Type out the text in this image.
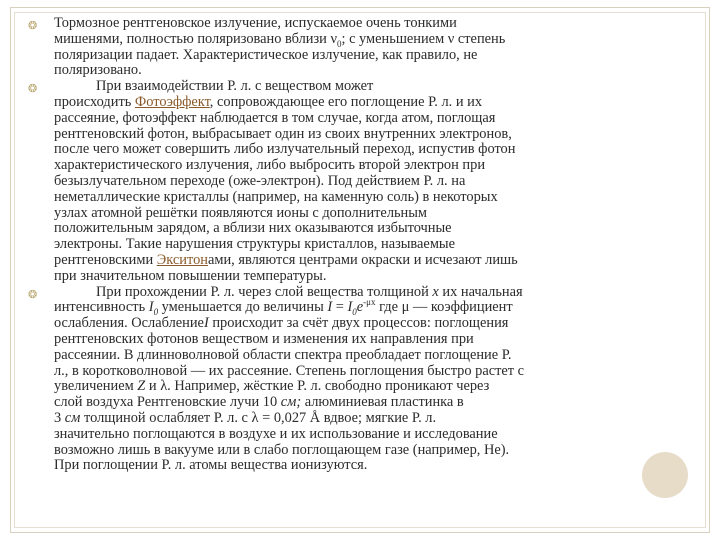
❂ Тормозное рентгеновское излучение, испускаемое очень тонкими
мишенями, полностью поляризовано вблизи $\nu_0$; с уменьшением ν степень
поляризации падает. Характеристическое излучение, как правило, не
поляризовано.
❂	При взаимодействии Р. л. с веществом может
происходить Фотоэффект, сопровождающее его поглощение Р. л. и их
рассеяние, фотоэффект наблюдается в том случае, когда атом, поглощая
рентгеновский фотон, выбрасывает один из своих внутренних электронов,
после чего может совершить либо излучательный переход, испустив фотон
характеристического излучения, либо выбросить второй электрон при
безызлучательном переходе (оже-электрон). Под действием Р. л. на
неметаллические кристаллы (например, на каменную соль) в некоторых
узлах атомной решётки появляются ионы с дополнительным
положительным зарядом, а вблизи них оказываются избыточные
электроны. Такие нарушения структуры кристаллов, называемые
рентгеновскими Экситонами, являются центрами окраски и исчезают лишь
при значительном повышении температуры.
❂	При прохождении Р. л. через слой вещества толщиной x их начальная
интенсивность $I_0$ уменьшается до величины $I = I_0e^{-\mu x}$ где μ — коэффициент
ослабления. ОслаблениеI происходит за счёт двух процессов: поглощения
рентгеновских фотонов веществом и изменения их направления при
рассеянии. В длинноволновой области спектра преобладает поглощение Р.
л., в коротковолновой — их рассеяние. Степень поглощения быстро растет с
увеличением Z и λ. Например, жёсткие Р. л. свободно проникают через
слой воздуха Рентгеновские лучи 10 см; алюминиевая пластинка в
3 см толщиной ослабляет Р. л. с λ = 0,027 Å вдвое; мягкие Р. л.
значительно поглощаются в воздухе и их использование и исследование
возможно лишь в вакууме или в слабо поглощающем газе (например, Не).
При поглощении Р. л. атомы вещества ионизуются.
